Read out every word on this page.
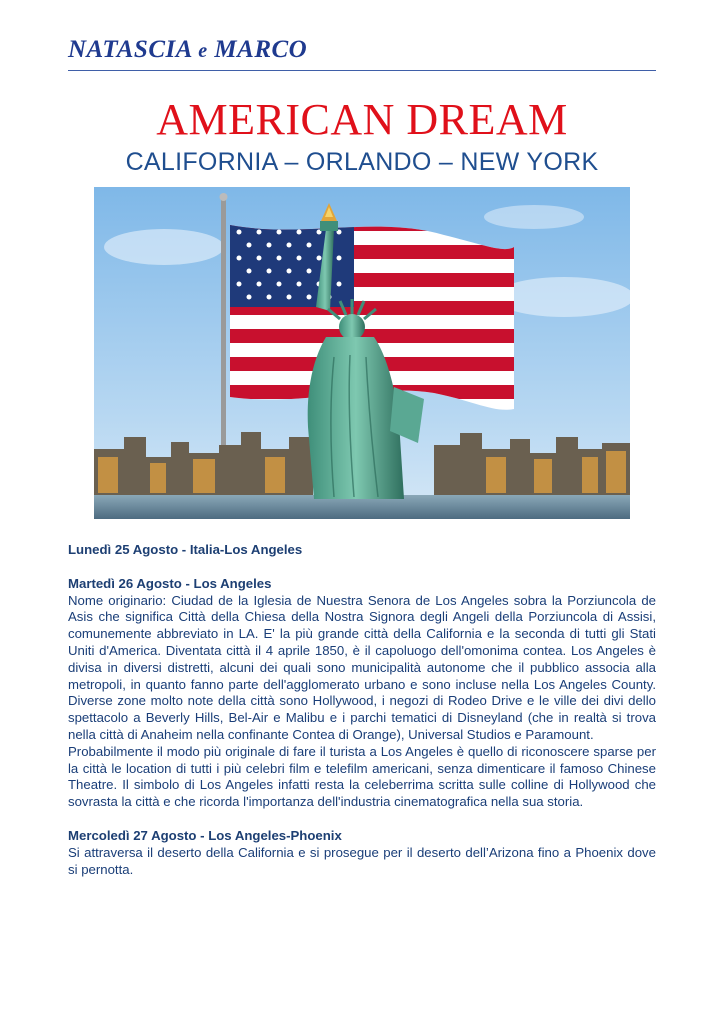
NATASCIA e MARCO
AMERICAN DREAM
CALIFORNIA – ORLANDO – NEW YORK

Lunedì 25 Agosto - Italia-Los Angeles

Martedì 26 Agosto - Los Angeles

Nome originario: Ciudad de la Iglesia de Nuestra Senora de Los Angeles sobra la Porziuncola de Asis che significa Città della Chiesa della Nostra Signora degli Angeli della Porziuncola di Assisi, comunemente abbreviato in LA. E' la più grande città della California e la seconda di tutti gli Stati Uniti d'America. Diventata città il 4 aprile 1850, è il capoluogo dell'omonima contea. Los Angeles è divisa in diversi distretti, alcuni dei quali sono municipalità autonome che il pubblico associa alla metropoli, in quanto fanno parte dell'agglomerato urbano e sono incluse nella Los Angeles County. Diverse zone molto note della città sono Hollywood, i negozi di Rodeo Drive e le ville dei divi dello spettacolo a Beverly Hills, Bel-Air e Malibu e i parchi tematici di Disneyland (che in realtà si trova nella città di Anaheim nella confinante Contea di Orange), Universal Studios e Paramount.

Probabilmente il modo più originale di fare il turista a Los Angeles è quello di riconoscere sparse per la città le location di tutti i più celebri film e telefilm americani, senza dimenticare il famoso Chinese Theatre. Il simbolo di Los Angeles infatti resta la celeberrima scritta sulle colline di Hollywood che sovrasta la città e che ricorda l'importanza dell'industria cinematografica nella sua storia.

Mercoledì 27 Agosto - Los Angeles-Phoenix

Si attraversa il deserto della California e si prosegue per il deserto dell’Arizona fino a Phoenix dove si pernotta.
